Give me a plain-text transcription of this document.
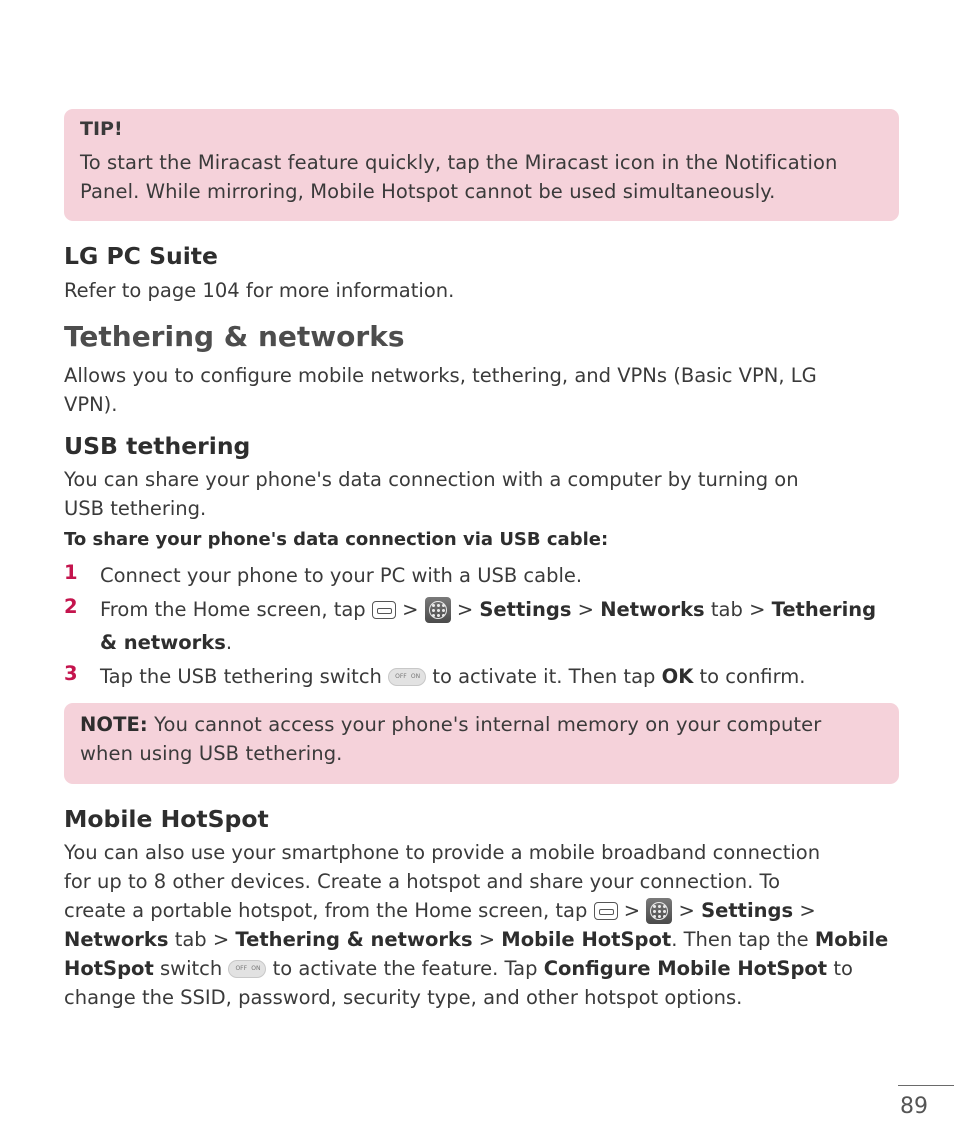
TIP!
To start the Miracast feature quickly, tap the Miracast icon in the Notification
Panel. While mirroring, Mobile Hotspot cannot be used simultaneously.
LG PC Suite
Refer to page 104 for more information.
Tethering & networks
Allows you to configure mobile networks, tethering, and VPNs (Basic VPN, LG
VPN).
USB tethering
You can share your phone's data connection with a computer by turning on
USB tethering.
To share your phone's data connection via USB cable:
1 Connect your phone to your PC with a USB cable.
2 From the Home screen, tap > > Settings > Networks tab > Tethering
& networks.
3 Tap the USB tethering switch OFF ON to activate it. Then tap OK to confirm.
NOTE: You cannot access your phone's internal memory on your computer
when using USB tethering.
Mobile HotSpot
You can also use your smartphone to provide a mobile broadband connection
for up to 8 other devices. Create a hotspot and share your connection. To
create a portable hotspot, from the Home screen, tap > > Settings >
Networks tab > Tethering & networks > Mobile HotSpot. Then tap the Mobile
HotSpot switch OFF ON to activate the feature. Tap Configure Mobile HotSpot to
change the SSID, password, security type, and other hotspot options.
89
